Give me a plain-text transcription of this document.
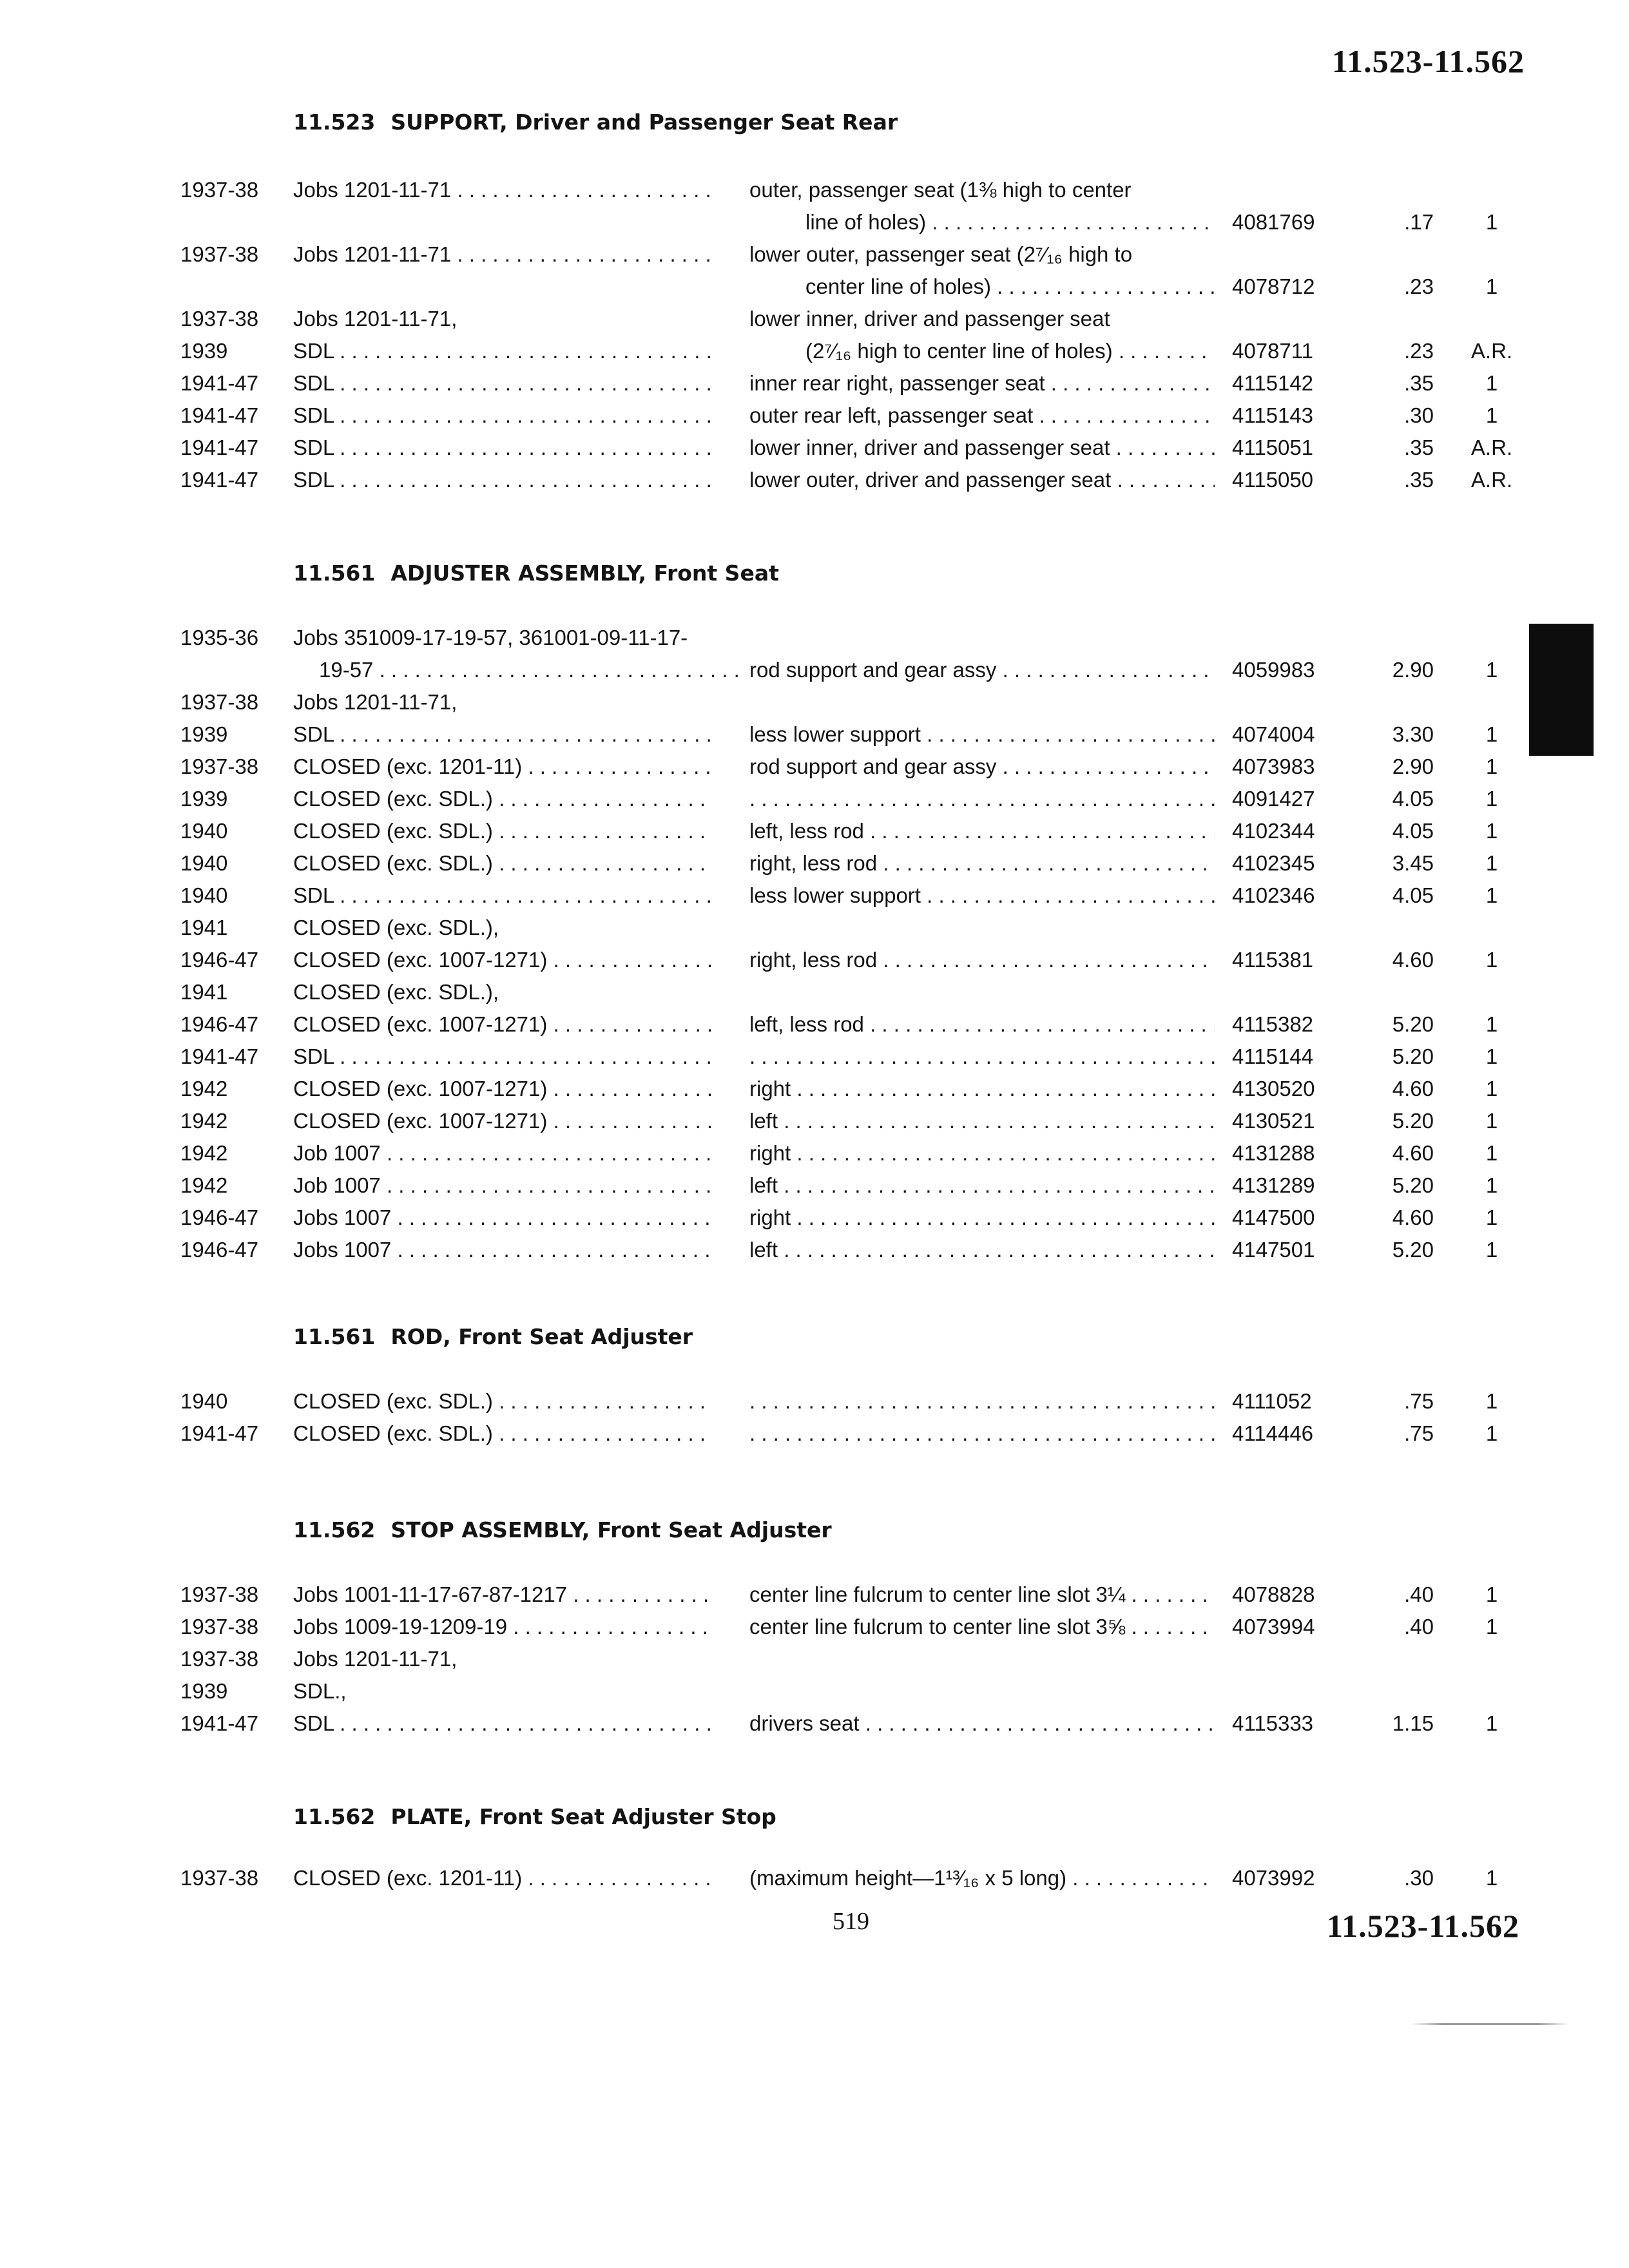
11.523-11.562
11.523 SUPPORT, Driver and Passenger Seat Rear
1937-38 Jobs 1201-11-71 . . .	outer, passenger seat (1⅜ high to center
line of holes) . . .	4081769	.17	1
1937-38 Jobs 1201-11-71 . . .	lower outer, passenger seat (2⁷⁄₁₆ high to
center line of holes) . . .	4078712	.23	1
1937-38 Jobs 1201-11-71,	lower inner, driver and passenger seat
1939	SDL . . .	(2⁷⁄₁₆ high to center line of holes) . . .	4078711	.23	A.R.
1941-47 SDL . . .	inner rear right, passenger seat . . .	4115142	.35	1
1941-47 SDL . . .	outer rear left, passenger seat . . .	4115143	.30	1
1941-47 SDL . . .	lower inner, driver and passenger seat . . .	4115051	.35	A.R.
1941-47 SDL . . .	lower outer, driver and passenger seat . . .	4115050	.35	A.R.
11.561 ADJUSTER ASSEMBLY, Front Seat
1935-36 Jobs 351009-17-19-57, 361001-09-11-17-
19-57 . . .	rod support and gear assy . . .	4059983	2.90	1
1937-38 Jobs 1201-11-71,
1939	SDL . . .	less lower support . . .	4074004	3.30	1
1937-38 CLOSED (exc. 1201-11) . . .	rod support and gear assy . . .	4073983	2.90	1
1939	CLOSED (exc. SDL.) . . . . . .	4091427	4.05	1
1940	CLOSED (exc. SDL.) . . .	left, less rod . . .	4102344	4.05	1
1940	CLOSED (exc. SDL.) . . .	right, less rod . . .	4102345	3.45	1
1940	SDL . . .	less lower support . . .	4102346	4.05	1
1941	CLOSED (exc. SDL.),
1946-47 CLOSED (exc. 1007-1271) . . .	right, less rod . . .	4115381	4.60	1
1941	CLOSED (exc. SDL.),
1946-47 CLOSED (exc. 1007-1271) . . .	left, less rod . . .	4115382	5.20	1
1941-47 SDL . . . . . .	4115144	5.20	1
1942	CLOSED (exc. 1007-1271) . . .	right . . .	4130520	4.60	1
1942	CLOSED (exc. 1007-1271) . . .	left . . .	4130521	5.20	1
1942	Job 1007 . . .	right . . .	4131288	4.60	1
1942	Job 1007 . . .	left . . .	4131289	5.20	1
1946-47 Jobs 1007 . . .	right . . .	4147500	4.60	1
1946-47 Jobs 1007 . . .	left . . .	4147501	5.20	1
11.561 ROD, Front Seat Adjuster
1940	CLOSED (exc. SDL.) . . . . . .	4111052	.75	1
1941-47 CLOSED (exc. SDL.) . . . . . .	4114446	.75	1
11.562 STOP ASSEMBLY, Front Seat Adjuster
1937-38 Jobs 1001-11-17-67-87-1217 . . .	center line fulcrum to center line slot 3¼ . . .	4078828	.40	1
1937-38 Jobs 1009-19-1209-19 . . .	center line fulcrum to center line slot 3⅝ . . .	4073994	.40	1
1937-38 Jobs 1201-11-71,
1939	SDL.,
1941-47 SDL . . .	drivers seat . . .	4115333	1.15	1
11.562 PLATE, Front Seat Adjuster Stop
1937-38 CLOSED (exc. 1201-11) . . .	(maximum height—1¹³⁄₁₆ x 5 long) . . .	4073992	.30	1
519	11.523-11.562
